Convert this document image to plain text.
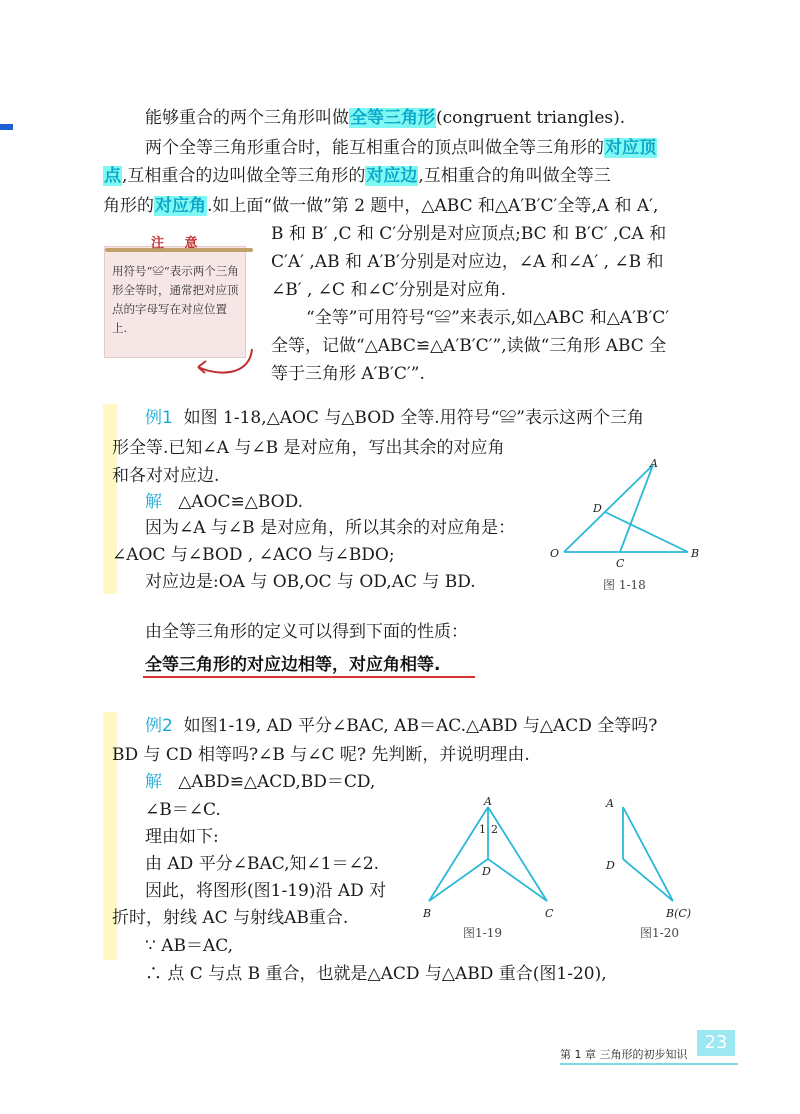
能够重合的两个三角形叫做全等三角形(congruent triangles).
两个全等三角形重合时，能互相重合的顶点叫做全等三角形的对应顶
点,互相重合的边叫做全等三角形的对应边,互相重合的角叫做全等三
角形的对应角.如上面“做一做”第 2 题中，△ABC 和△A′B′C′全等,A 和 A′,
B 和 B′ ,C 和 C′分别是对应顶点;BC 和 B′C′ ,CA 和
C′A′ ,AB 和 A′B′分别是对应边，∠A 和∠A′ , ∠B 和
∠B′ , ∠C 和∠C′分别是对应角.
“全等”可用符号“≌”来表示,如△ABC 和△A′B′C′
全等，记做“△ABC≌△A′B′C′”,读做“三角形 ABC 全
等于三角形 A′B′C′”.
注 意
用符号“≌”表示两个三角形全等时，通常把对应顶点的字母写在对应位置上.
例1 如图 1-18,△AOC 与△BOD 全等.用符号“≌”表示这两个三角
形全等.已知∠A 与∠B 是对应角，写出其余的对应角
和各对对应边.
解 △AOC≌△BOD.
因为∠A 与∠B 是对应角，所以其余的对应角是：
∠AOC 与∠BOD , ∠ACO 与∠BDO;
对应边是:OA 与 OB,OC 与 OD,AC 与 BD.
A
D
O
C
B
图 1-18
由全等三角形的定义可以得到下面的性质：
全等三角形的对应边相等，对应角相等.
例2 如图1-19, AD 平分∠BAC, AB＝AC.△ABD 与△ACD 全等吗?
BD 与 CD 相等吗?∠B 与∠C 呢? 先判断，并说明理由.
解 △ABD≌△ACD,BD＝CD,
∠B＝∠C.
理由如下:
由 AD 平分∠BAC,知∠1＝∠2.
因此，将图形(图1-19)沿 AD 对
折时，射线 AC 与射线AB重合.
∵ AB＝AC,
∴ 点 C 与点 B 重合，也就是△ACD 与△ABD 重合(图1-20),
A
1 2
D
B	C
图1-19
A
D
B(C)
图1-20
第 1 章 三角形的初步知识
23
